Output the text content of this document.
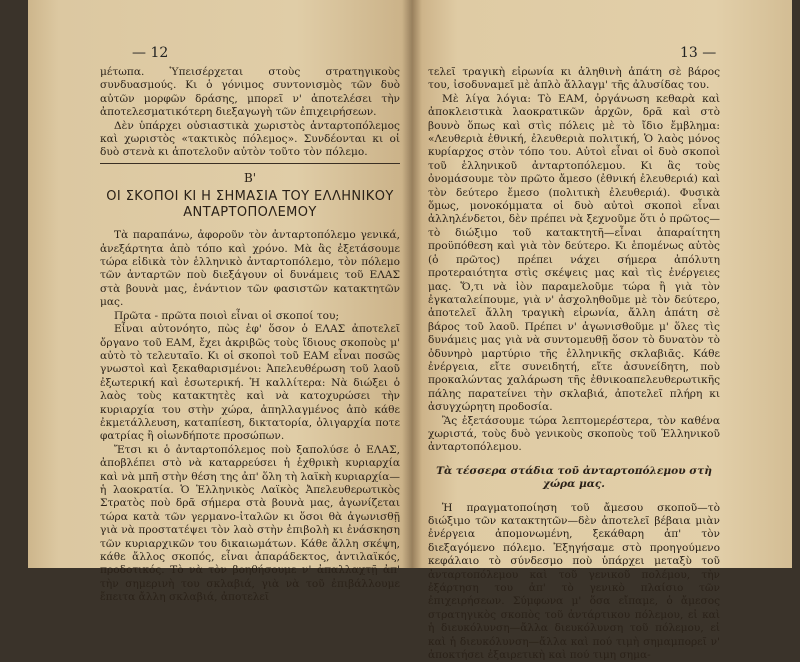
— 12

μέτωπα. Ὑπεισέρχεται στοὺς στρατηγικοὺς συνδυασμούς. Κι ὁ γόνιμος συντονισμὸς τῶν δυὸ αὐτῶν μορφῶν δράσης, μπορεῖ ν' ἀποτελέσει τὴν ἀποτελεσματικότερη διεξαγωγὴ τῶν ἐπιχειρήσεων.

Δὲν ὑπάρχει οὐσιαστικὰ χωριστὸς ἀνταρτοπόλεμος καὶ χωριστὸς «τακτικὸς πόλεμος». Συνδέονται κι οἱ δυὸ στενὰ κι ἀποτελοῦν αὐτὸν τοῦτο τὸν πόλεμο.

Β'
ΟΙ ΣΚΟΠΟΙ ΚΙ Η ΣΗΜΑΣΙΑ ΤΟΥ ΕΛΛΗΝΙΚΟΥ ΑΝΤΑΡΤΟΠΟΛΕΜΟΥ

Τὰ παραπάνω, ἀφοροῦν τὸν ἀνταρτοπόλεμο γενικά, ἀνεξάρτητα ἀπὸ τόπο καὶ χρόνο. Μὰ ἂς ἐξετάσουμε τώρα εἰδικὰ τὸν ἑλληνικὸ ἀνταρτοπόλεμο, τὸν πόλεμο τῶν ἀνταρτῶν ποὺ διεξάγουν οἱ δυνάμεις τοῦ ΕΛΑΣ στὰ βουνὰ μας, ἐνάντιον τῶν φασιστῶν κατακτητῶν μας.

Πρῶτα - πρῶτα ποιοὶ εἶναι οἱ σκοποί του;

Εἶναι αὐτονόητο, πὼς ἐφ' ὅσον ὁ ΕΛΑΣ ἀποτελεῖ ὄργανο τοῦ ΕΑΜ, ἔχει ἀκριβῶς τοὺς ἴδιους σκοποὺς μ' αὐτὸ τὸ τελευταῖο. Κι οἱ σκοποὶ τοῦ ΕΑΜ εἶναι ποσῶς γνωστοὶ καὶ ξεκαθαρισμένοι: Ἀπελευθέρωση τοῦ λαοῦ ἐξωτερική καὶ ἐσωτερική. Ἡ καλλίτερα: Νὰ διώξει ὁ λαὸς τοὺς κατακτητὲς καὶ νὰ κατοχυρώσει τὴν κυριαρχία του στὴν χώρα, ἀπηλλαγμένος ἀπὸ κάθε ἐκμετάλλευση, καταπίεση, δικτατορία, ὀλιγαρχία ποτε φατρίας ἢ οἱωνδήποτε προσώπων.

Ἔτσι κι ὁ ἀνταρτοπόλεμος ποὺ ξαπολύσε ὁ ΕΛΑΣ, ἀποβλέπει στὸ νὰ καταρρεύσει ἡ ἐχθρικὴ κυριαρχία καὶ νὰ μπῆ στὴν θέση της ἀπ' ὅλη τὴ λαϊκὴ κυριαρχία—ἡ λαοκρατία. Ὁ Ἑλληνικὸς Λαϊκὸς Ἀπελευθερωτικὸς Στρατὸς ποὺ δρᾶ σήμερα στὰ βουνὰ μας, ἀγωνίζεται τώρα κατὰ τῶν γερμανο-ἰταλῶν κι ὅσοι θὰ ἀγωνισθῇ γιὰ νὰ προστατέψει τὸν λαὸ στὴν ἐπιβολὴ κι ἐνάσκηση τῶν κυριαρχικῶν του δικαιωμάτων. Κάθε ἄλλη σκέψη, κάθε ἄλλος σκοπός, εἶναι ἀπαράδεκτος, ἀντιλαϊκός, προδοτικός. Τὸ νὰ τὸν βοηθήσουμε ν' ἀπαλλαχτῇ ἀπ' τὴν σημερινὴ του σκλαβιά, γιὰ νὰ τοῦ ἐπιβάλλουμε ἔπειτα ἄλλη σκλαβιά, ἀποτελεῖ

13 —

τελεῖ τραγικὴ εἰρωνία κι ἀληθινὴ ἀπάτη σὲ βάρος του, ἰσοδυναμεῖ μὲ ἁπλὸ ἄλλαγμ' τῆς ἀλυσίδας του.

Μὲ λίγα λόγια: Τὸ ΕΑΜ, ὀργάνωση κεθαρὰ καὶ ἀποκλειστικὰ λαοκρατικῶν ἀρχῶν, δρᾶ καὶ στὸ βουνὸ ὅπως καὶ στὶς πόλεις μὲ τὸ ἴδιο ἔμβλημα: «Λευθεριὰ ἐθνική, ἐλευθεριὰ πολιτική, Ὁ λαὸς μόνος κυρίαρχος στὸν τόπο του. Αὐτοὶ εἶναι οἱ δυὸ σκοποὶ τοῦ ἑλληνικοῦ ἀνταρτοπόλεμου. Κι ἂς τοὺς ὀνομάσουμε τὸν πρῶτο ἄμεσο (ἐθνική ἐλευθεριά) καὶ τὸν δεύτερο ἔμεσο (πολιτικὴ ἐλευθεριά). Φυσικὰ ὅμως, μονοκόμματα οἱ δυὸ αὐτοὶ σκοποὶ εἶναι ἀλληλένδετοι, δὲν πρέπει νὰ ξεχνοῦμε ὅτι ὁ πρῶτος—τὸ διώξιμο τοῦ κατακτητῆ—εἶναι ἀπαραίτητη προϋπόθεση καὶ γιὰ τὸν δεύτερο. Κι ἑπομένως αὐτὸς (ὁ πρῶτος) πρέπει νάχει σήμερα ἀπόλυτη προτεραιότητα στὶς σκέψεις μας καὶ τὶς ἐνέργειες μας. Ὅ,τι νὰ ἰὸν παραμελοῦμε τώρα ἢ γιὰ τὸν ἐγκαταλείπουμε, γιὰ ν' ἀσχοληθοῦμε μὲ τὸν δεύτερο, ἀποτελεῖ ἄλλη τραγικὴ εἰρωνία, ἄλλη ἀπάτη σὲ βάρος τοῦ λαοῦ. Πρέπει ν' ἀγωνισθοῦμε μ' ὅλες τὶς δυνάμεις μας γιὰ νὰ συντομευθῇ ὅσον τὸ δυνατὸν τὸ ὀδυνηρὸ μαρτύριο τῆς ἑλληνικῆς σκλαβιᾶς. Κάθε ἐνέργεια, εἴτε συνειδητή, εἴτε ἀσυνείδητη, ποὺ προκαλώντας χαλάρωση τῆς ἐθνικοαπελευθερωτικῆς πάλης παρατείνει τὴν σκλαβιά, ἀποτελεῖ πλήρη κι ἀσυγχώρητη προδοσία.

Ἂς ἐξετάσουμε τώρα λεπτομερέστερα, τὸν καθένα χωριστά, τοὺς δυὸ γενικοὺς σκοποὺς τοῦ Ἑλληνικοῦ ἀνταρτοπόλεμου.

Τὰ τέσσερα στάδια τοῦ ἀνταρτοπόλεμου στὴ χώρα μας.

Ἡ πραγματοποίηση τοῦ ἄμεσου σκοποῦ—τὸ διώξιμο τῶν κατακτητῶν—δὲν ἀποτελεῖ βέβαια μιὰν ἐνέργεια ἀπομονωμένη, ξεκάθαρη ἀπ' τὸν διεξαγόμενο πόλεμο. Ἐξηγήσαμε στὸ προηγούμενο κεφάλαιο τὸ σύνδεσμο ποὺ ὑπάρχει μεταξὺ τοῦ ἀνταρτοπόλεμου καὶ τοῦ γενικοῦ πολέμου, τὴν ἐξάρτηση του ἀπ' τὸ γενικὸ πλαίσιο τῶν ἐπιχειρήσεων. Σύμφωνα μ' ὅσα εἴπαμε, ὁ ἄμεσος στρατηγικὸς σκοπὸς τοῦ ἀντάρτικου πόλεμου, εἰ καὶ ἡ διευκόλυνση—ἄλλα διευκόλυνση τοῦ πόλεμου, εἰ καὶ ἡ διευκόλυνση—ἄλλα καὶ πού τιμὴ σημαμπορεῖ ν' ἀποκτήσει ἐξαιρετικὴ καὶ πού τιμη σημα-
